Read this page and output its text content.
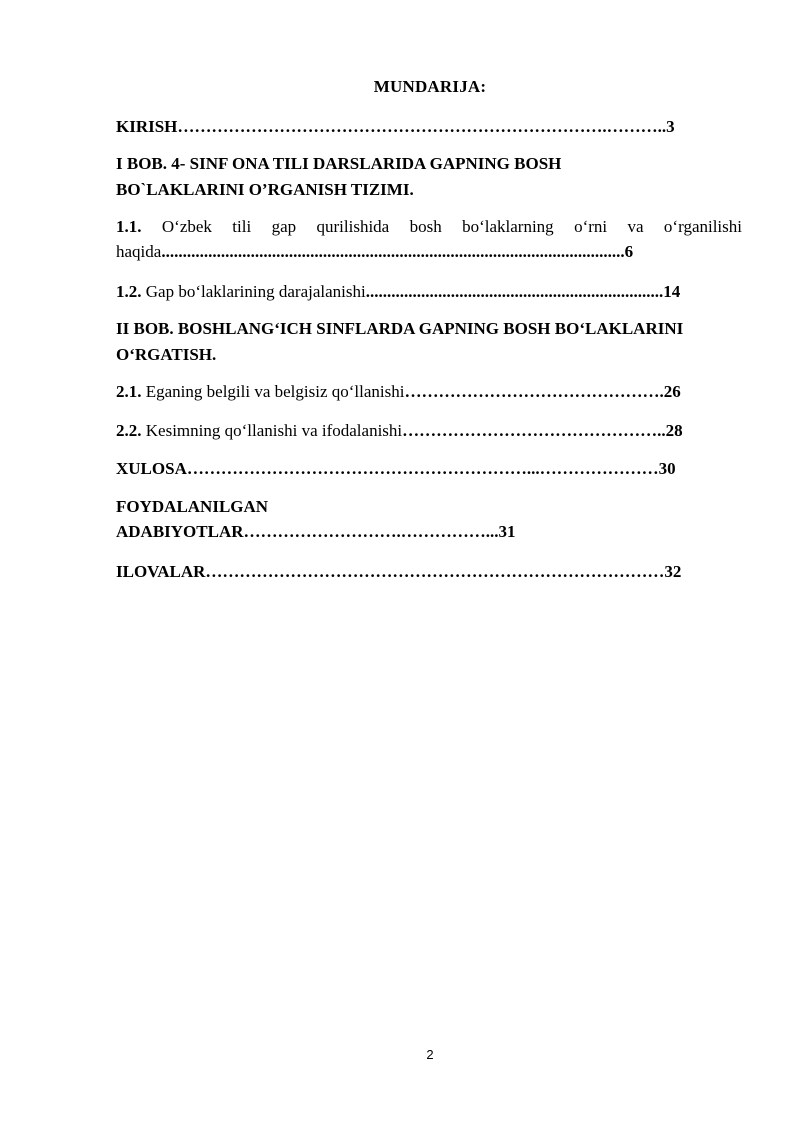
MUNDARIJA:
KIRISH………………………………………………………………….………..3
I BOB. 4- SINF ONA TILI DARSLARIDA GAPNING BOSH
BO`LAKLARINI O’RGANISH TIZIMI.
1.1. O‘zbek tili gap qurilishida bosh bo‘laklarning o‘rni va o‘rganilishi
haqida.............................................................................................................6
1.2. Gap bo‘laklarining darajalanishi......................................................................14
II BOB. BOSHLANG‘ICH SINFLARDA GAPNING BOSH BO‘LAKLARINI
O‘RGATISH.
2.1. Eganing belgili va belgisiz qo‘llanishi……………………………………….26
2.2. Kesimning qo‘llanishi va ifodalanishi………………………………………..28
XULOSA……………………………………………………...…………………30
FOYDALANILGAN
ADABIYOTLAR……………………….……………...31
ILOVALAR………………………………………………………………………32
2
